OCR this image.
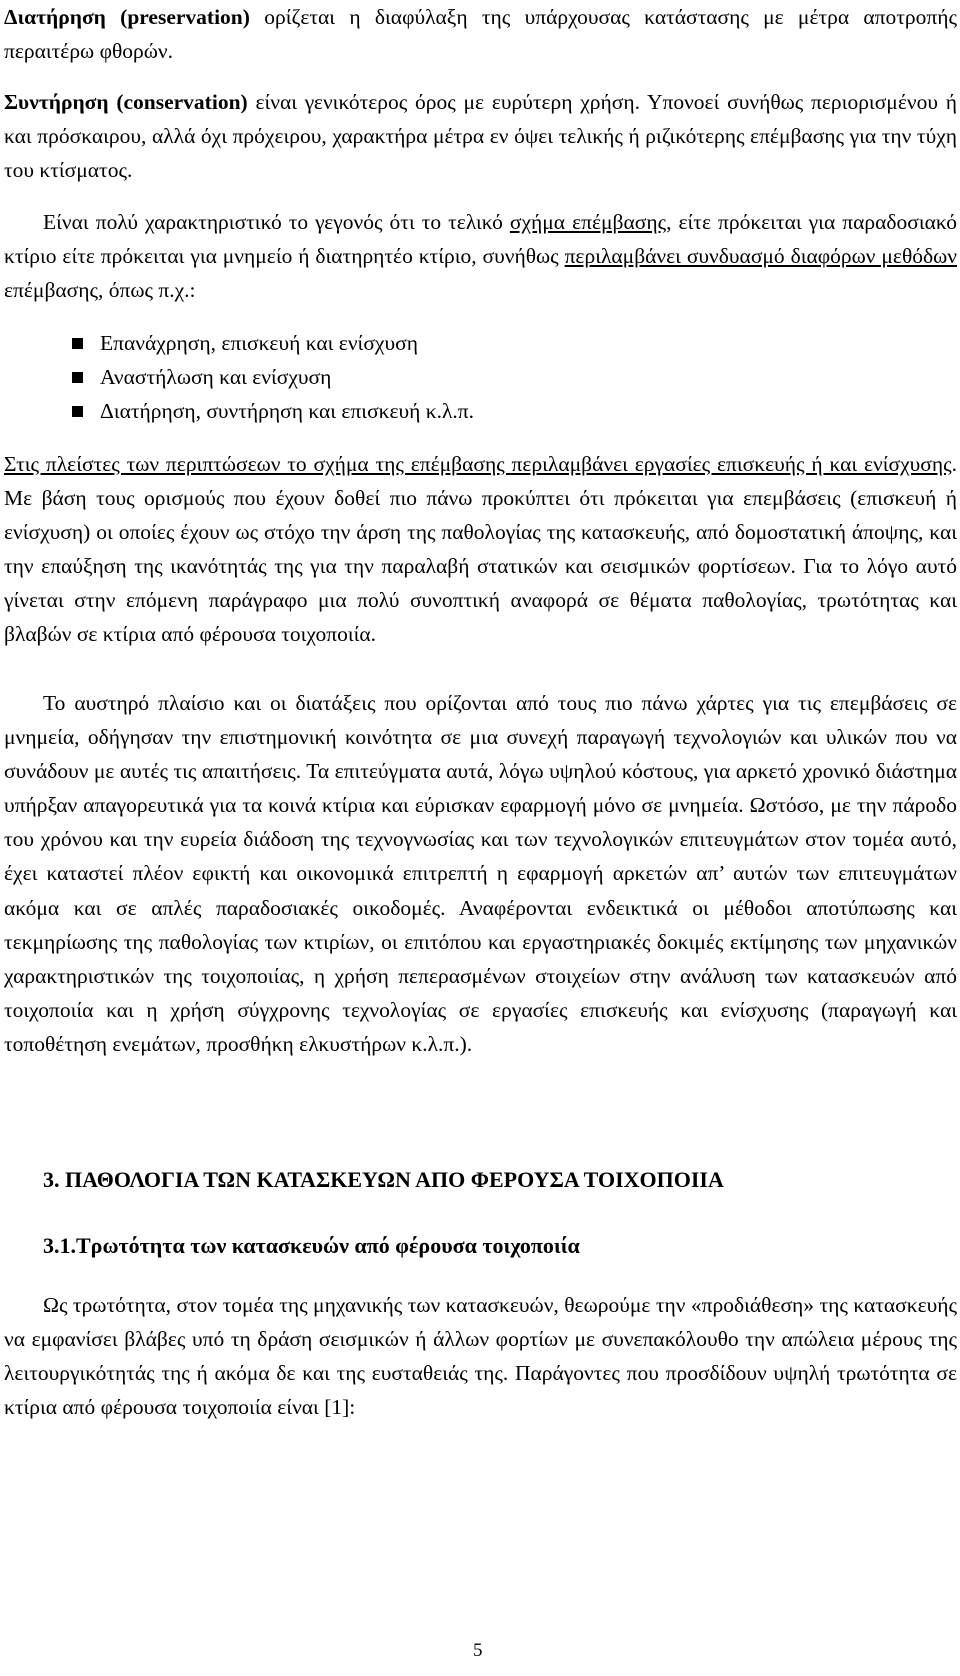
Διατήρηση (preservation) ορίζεται η διαφύλαξη της υπάρχουσας κατάστασης με μέτρα αποτροπής περαιτέρω φθορών.

Συντήρηση (conservation) είναι γενικότερος όρος με ευρύτερη χρήση. Υπονοεί συνήθως περιορισμένου ή και πρόσκαιρου, αλλά όχι πρόχειρου, χαρακτήρα μέτρα εν όψει τελικής ή ριζικότερης επέμβασης για την τύχη του κτίσματος.

Είναι πολύ χαρακτηριστικό το γεγονός ότι το τελικό σχήμα επέμβασης, είτε πρόκειται για παραδοσιακό κτίριο είτε πρόκειται για μνημείο ή διατηρητέο κτίριο, συνήθως περιλαμβάνει συνδυασμό διαφόρων μεθόδων επέμβασης, όπως π.χ.:

Επανάχρηση, επισκευή και ενίσχυση
Αναστήλωση και ενίσχυση
Διατήρηση, συντήρηση και επισκευή κ.λ.π.

Στις πλείστες των περιπτώσεων το σχήμα της επέμβασης περιλαμβάνει εργασίες επισκευής ή και ενίσχυσης. Με βάση τους ορισμούς που έχουν δοθεί πιο πάνω προκύπτει ότι πρόκειται για επεμβάσεις (επισκευή ή ενίσχυση) οι οποίες έχουν ως στόχο την άρση της παθολογίας της κατασκευής, από δομοστατική άποψης, και την επαύξηση της ικανότητάς της για την παραλαβή στατικών και σεισμικών φορτίσεων. Για το λόγο αυτό γίνεται στην επόμενη παράγραφο μια πολύ συνοπτική αναφορά σε θέματα παθολογίας, τρωτότητας και βλαβών σε κτίρια από φέρουσα τοιχοποιία.

Το αυστηρό πλαίσιο και οι διατάξεις που ορίζονται από τους πιο πάνω χάρτες για τις επεμβάσεις σε μνημεία, οδήγησαν την επιστημονική κοινότητα σε μια συνεχή παραγωγή τεχνολογιών και υλικών που να συνάδουν με αυτές τις απαιτήσεις. Τα επιτεύγματα αυτά, λόγω υψηλού κόστους, για αρκετό χρονικό διάστημα υπήρξαν απαγορευτικά για τα κοινά κτίρια και εύρισκαν εφαρμογή μόνο σε μνημεία. Ωστόσο, με την πάροδο του χρόνου και την ευρεία διάδοση της τεχνογνωσίας και των τεχνολογικών επιτευγμάτων στον τομέα αυτό, έχει καταστεί πλέον εφικτή και οικονομικά επιτρεπτή η εφαρμογή αρκετών απ’ αυτών των επιτευγμάτων ακόμα και σε απλές παραδοσιακές οικοδομές. Αναφέρονται ενδεικτικά οι μέθοδοι αποτύπωσης και τεκμηρίωσης της παθολογίας των κτιρίων, οι επιτόπου και εργαστηριακές δοκιμές εκτίμησης των μηχανικών χαρακτηριστικών της τοιχοποιίας, η χρήση πεπερασμένων στοιχείων στην ανάλυση των κατασκευών από τοιχοποιία και η χρήση σύγχρονης τεχνολογίας σε εργασίες επισκευής και ενίσχυσης (παραγωγή και τοποθέτηση ενεμάτων, προσθήκη ελκυστήρων κ.λ.π.).

3. ΠΑΘΟΛΟΓΙΑ ΤΩΝ ΚΑΤΑΣΚΕΥΩΝ ΑΠΟ ΦΕΡΟΥΣΑ ΤΟΙΧΟΠΟΙΙΑ
3.1.Τρωτότητα των κατασκευών από φέρουσα τοιχοποιία

Ως τρωτότητα, στον τομέα της μηχανικής των κατασκευών, θεωρούμε την «προδιάθεση» της κατασκευής να εμφανίσει βλάβες υπό τη δράση σεισμικών ή άλλων φορτίων με συνεπακόλουθο την απώλεια μέρους της λειτουργικότητάς της ή ακόμα δε και της ευσταθειάς της. Παράγοντες που προσδίδουν υψηλή τρωτότητα σε κτίρια από φέρουσα τοιχοποιία είναι [1]:

5
